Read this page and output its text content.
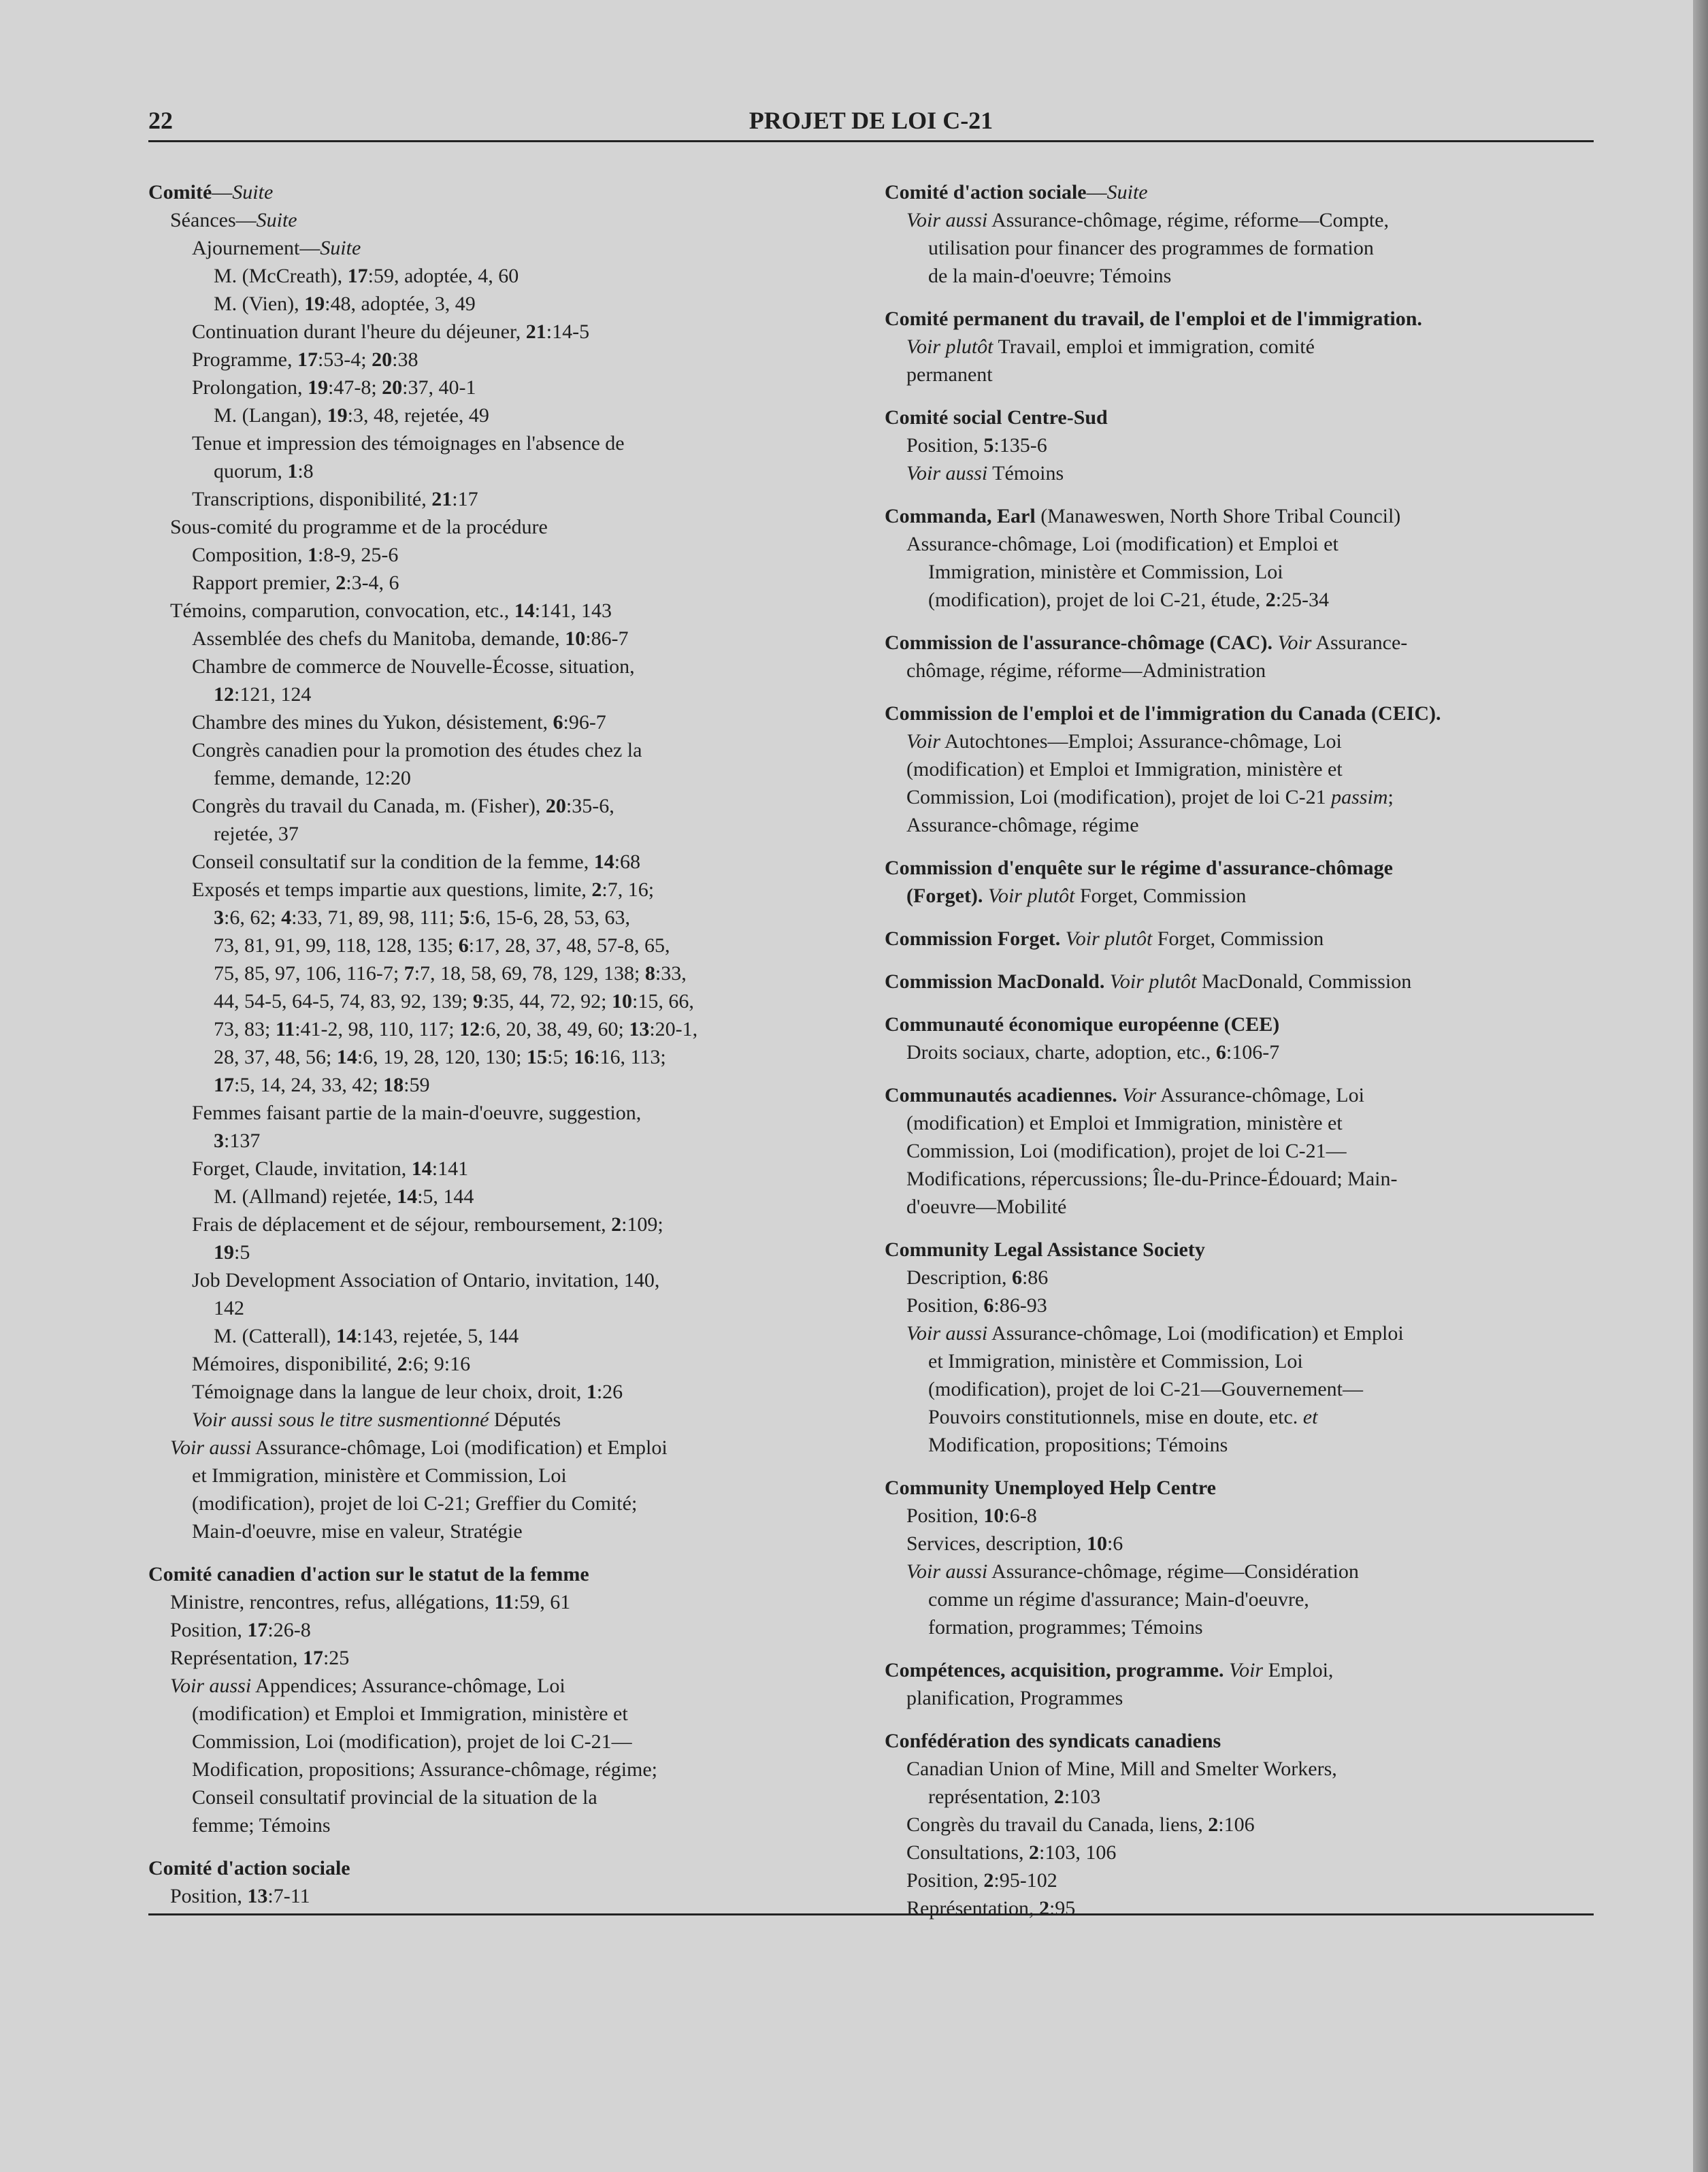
22	PROJET DE LOI C-21
Comité—Suite
Séances—Suite
Ajournement—Suite
M. (McCreath), 17:59, adoptée, 4, 60
M. (Vien), 19:48, adoptée, 3, 49
Continuation durant l'heure du déjeuner, 21:14-5
Programme, 17:53-4; 20:38
Prolongation, 19:47-8; 20:37, 40-1
M. (Langan), 19:3, 48, rejetée, 49
Tenue et impression des témoignages en l'absence de
quorum, 1:8
Transcriptions, disponibilité, 21:17
Sous-comité du programme et de la procédure
Composition, 1:8-9, 25-6
Rapport premier, 2:3-4, 6
Témoins, comparution, convocation, etc., 14:141, 143
Assemblée des chefs du Manitoba, demande, 10:86-7
Chambre de commerce de Nouvelle-Écosse, situation,
12:121, 124
Chambre des mines du Yukon, désistement, 6:96-7
Congrès canadien pour la promotion des études chez la
femme, demande, 12:20
Congrès du travail du Canada, m. (Fisher), 20:35-6,
rejetée, 37
Conseil consultatif sur la condition de la femme, 14:68
Exposés et temps impartie aux questions, limite, 2:7, 16;
3:6, 62; 4:33, 71, 89, 98, 111; 5:6, 15-6, 28, 53, 63,
73, 81, 91, 99, 118, 128, 135; 6:17, 28, 37, 48, 57-8, 65,
75, 85, 97, 106, 116-7; 7:7, 18, 58, 69, 78, 129, 138; 8:33,
44, 54-5, 64-5, 74, 83, 92, 139; 9:35, 44, 72, 92; 10:15, 66,
73, 83; 11:41-2, 98, 110, 117; 12:6, 20, 38, 49, 60; 13:20-1,
28, 37, 48, 56; 14:6, 19, 28, 120, 130; 15:5; 16:16, 113;
17:5, 14, 24, 33, 42; 18:59
Femmes faisant partie de la main-d'oeuvre, suggestion,
3:137
Forget, Claude, invitation, 14:141
M. (Allmand) rejetée, 14:5, 144
Frais de déplacement et de séjour, remboursement, 2:109;
19:5
Job Development Association of Ontario, invitation, 140,
142
M. (Catterall), 14:143, rejetée, 5, 144
Mémoires, disponibilité, 2:6; 9:16
Témoignage dans la langue de leur choix, droit, 1:26
Voir aussi sous le titre susmentionné Députés
Voir aussi Assurance-chômage, Loi (modification) et Emploi
et Immigration, ministère et Commission, Loi
(modification), projet de loi C-21; Greffier du Comité;
Main-d'oeuvre, mise en valeur, Stratégie
Comité canadien d'action sur le statut de la femme
Ministre, rencontres, refus, allégations, 11:59, 61
Position, 17:26-8
Représentation, 17:25
Voir aussi Appendices; Assurance-chômage, Loi
(modification) et Emploi et Immigration, ministère et
Commission, Loi (modification), projet de loi C-21—
Modification, propositions; Assurance-chômage, régime;
Conseil consultatif provincial de la situation de la
femme; Témoins
Comité d'action sociale
Position, 13:7-11
Comité d'action sociale—Suite
Voir aussi Assurance-chômage, régime, réforme—Compte,
utilisation pour financer des programmes de formation
de la main-d'oeuvre; Témoins
Comité permanent du travail, de l'emploi et de l'immigration.
Voir plutôt Travail, emploi et immigration, comité
permanent
Comité social Centre-Sud
Position, 5:135-6
Voir aussi Témoins
Commanda, Earl (Manaweswen, North Shore Tribal Council)
Assurance-chômage, Loi (modification) et Emploi et
Immigration, ministère et Commission, Loi
(modification), projet de loi C-21, étude, 2:25-34
Commission de l'assurance-chômage (CAC). Voir Assurance-
chômage, régime, réforme—Administration
Commission de l'emploi et de l'immigration du Canada (CEIC).
Voir Autochtones—Emploi; Assurance-chômage, Loi
(modification) et Emploi et Immigration, ministère et
Commission, Loi (modification), projet de loi C-21 passim;
Assurance-chômage, régime
Commission d'enquête sur le régime d'assurance-chômage
(Forget). Voir plutôt Forget, Commission
Commission Forget. Voir plutôt Forget, Commission
Commission MacDonald. Voir plutôt MacDonald, Commission
Communauté économique européenne (CEE)
Droits sociaux, charte, adoption, etc., 6:106-7
Communautés acadiennes. Voir Assurance-chômage, Loi
(modification) et Emploi et Immigration, ministère et
Commission, Loi (modification), projet de loi C-21—
Modifications, répercussions; Île-du-Prince-Édouard; Main-
d'oeuvre—Mobilité
Community Legal Assistance Society
Description, 6:86
Position, 6:86-93
Voir aussi Assurance-chômage, Loi (modification) et Emploi
et Immigration, ministère et Commission, Loi
(modification), projet de loi C-21—Gouvernement—
Pouvoirs constitutionnels, mise en doute, etc. et
Modification, propositions; Témoins
Community Unemployed Help Centre
Position, 10:6-8
Services, description, 10:6
Voir aussi Assurance-chômage, régime—Considération
comme un régime d'assurance; Main-d'oeuvre,
formation, programmes; Témoins
Compétences, acquisition, programme. Voir Emploi,
planification, Programmes
Confédération des syndicats canadiens
Canadian Union of Mine, Mill and Smelter Workers,
représentation, 2:103
Congrès du travail du Canada, liens, 2:106
Consultations, 2:103, 106
Position, 2:95-102
Représentation, 2:95
